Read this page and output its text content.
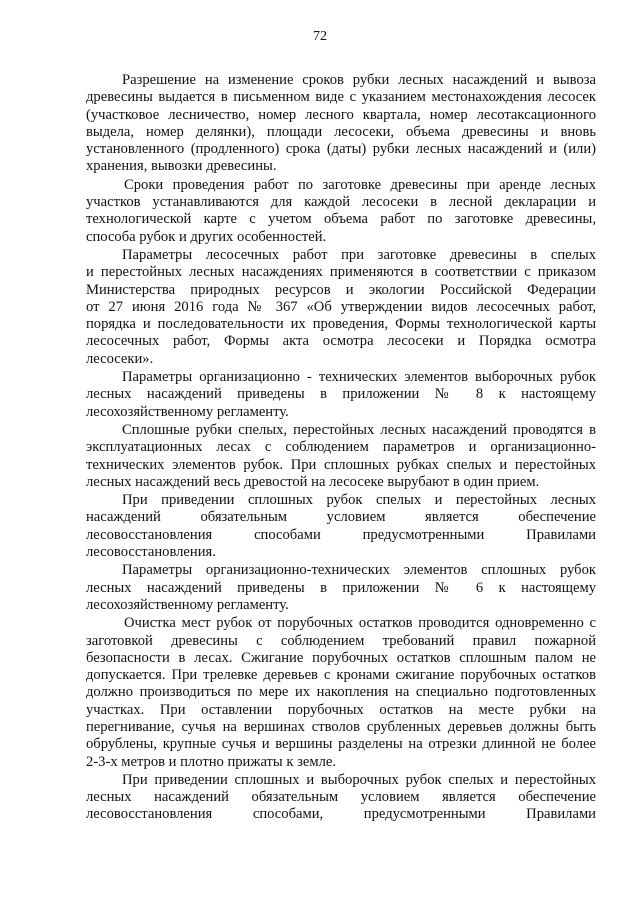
72
Разрешение на изменение сроков рубки лесных насаждений и вывоза
древесины выдается в письменном виде с указанием местонахождения лесосек
(участковое лесничество, номер лесного квартала, номер лесотаксационного
выдела, номер делянки), площади лесосеки, объема древесины и вновь
установленного (продленного) срока (даты) рубки лесных насаждений и (или)
хранения, вывозки древесины.
Сроки проведения работ по заготовке древесины при аренде лесных
участков устанавливаются для каждой лесосеки в лесной декларации и
технологической карте с учетом объема работ по заготовке древесины,
способа рубок и других особенностей.
Параметры лесосечных работ при заготовке древесины в спелых
и перестойных лесных насаждениях применяются в соответствии с приказом
Министерства природных ресурсов и экологии Российской Федерации
от 27 июня 2016 года № 367 «Об утверждении видов лесосечных работ,
порядка и последовательности их проведения, Формы технологической карты
лесосечных работ, Формы акта осмотра лесосеки и Порядка осмотра
лесосеки».
Параметры организационно - технических элементов выборочных рубок
лесных насаждений приведены в приложении № 8 к настоящему
лесохозяйственному регламенту.
Сплошные рубки спелых, перестойных лесных насаждений проводятся в
эксплуатационных лесах с соблюдением параметров и организационно-
технических элементов рубок. При сплошных рубках спелых и перестойных
лесных насаждений весь древостой на лесосеке вырубают в один прием.
При приведении сплошных рубок спелых и перестойных лесных
насаждений обязательным условием является обеспечение
лесовосстановления способами предусмотренными Правилами
лесовосстановления.
Параметры организационно-технических элементов сплошных рубок
лесных насаждений приведены в приложении № 6 к настоящему
лесохозяйственному регламенту.
Очистка мест рубок от порубочных остатков проводится одновременно с
заготовкой древесины с соблюдением требований правил пожарной
безопасности в лесах. Сжигание порубочных остатков сплошным палом не
допускается. При трелевке деревьев с кронами сжигание порубочных остатков
должно производиться по мере их накопления на специально подготовленных
участках. При оставлении порубочных остатков на месте рубки на
перегнивание, сучья на вершинах стволов срубленных деревьев должны быть
обрублены, крупные сучья и вершины разделены на отрезки длинной не более
2-3-х метров и плотно прижаты к земле.
При приведении сплошных и выборочных рубок спелых и перестойных
лесных насаждений обязательным условием является обеспечение
лесовосстановления способами, предусмотренными Правилами
